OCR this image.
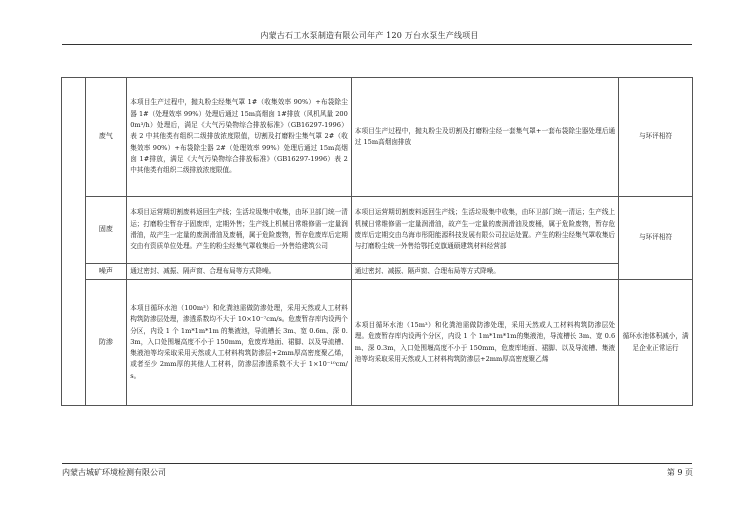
内蒙古石工水泵制造有限公司年产 120 万台水泵生产线项目
	废气	本项目生产过程中，抛丸粉尘经集气罩 1#（收集效率 90%）+布袋除尘器 1#（处理效率 99%）处理后通过 15m高烟囱 1#排放（风机风量 2000m³/h）处理后，满足《大气污染物综合排放标准》（GB16297-1996）表 2 中其他类有组织二级排放浓度限值，切割及打磨粉尘集气罩 2#（收集效率 90%）+布袋除尘器 2#（处理效率 99%）处理后通过 15m高烟囱 1#排放，满足《大气污染物综合排放标准》（GB16297-1996）表 2 中其他类有组织二级排放浓度限值。	本项目生产过程中，抛丸粉尘及切割及打磨粉尘经一套集气罩+一套布袋除尘器处理后通过 15m高烟囱排放	与环评相符
	固废	本项目运营期切割废料返回生产线；生活垃圾集中收集，由环卫部门统一清运；打磨粉尘暂存于固废库，定期外售；生产线上机械日常维修需一定量润滑油，故产生一定量的废润滑油及废桶，属于危险废物，暂存危废库后定期交由有资质单位处理。产生的粉尘经集气罩收集后一外售给建筑公司	本项目运营期切割废料返回生产线；生活垃圾集中收集，由环卫部门统一清运；生产线上机械日常维修需一定量润滑油，故产生一定量的废润滑油及废桶，属于危险废物，暂存危废库后定期交由乌海市彤阳能源科技发展有限公司拉运处置。产生的粉尘经集气罩收集后与打磨粉尘统一外售给鄂托克旗通硕建筑材料经营部	与环评相符
	噪声	通过密封、减振、隔声窗、合理布局等方式降噪。	通过密封、减振、隔声窗、合理布局等方式降噪。	
	防渗	本项目循环水池（100m³）和化粪池需做防渗处理，采用天然或人工材料构筑防渗层处理，渗透系数均不大于 10×10⁻⁷cm/s。危废暂存库内设两个分区，内设 1 个 1m*1m*1m 的集液池，导流槽长 3m、宽 0.6m、深 0.3m，入口处围堰高度不小于 150mm，危废库地面、裙脚、以及导流槽、集液池等均采取采用天然或人工材料构筑防渗层+2mm厚高密度聚乙烯，或者至少 2mm厚的其他人工材料，防渗层渗透系数不大于 1×10⁻¹⁰cm/s。	本项目循环水池（15m³）和化粪池需做防渗处理，采用天然或人工材料构筑防渗层处理。危废暂存库内设两个分区，内设 1 个 1m*1m*1m的集液池，导流槽长 3m、宽 0.6m、深 0.3m，入口处围堰高度不小于 150mm，危废库地面、裙脚、以及导流槽、集液池等均采取采用天然或人工材料构筑防渗层+2mm厚高密度聚乙烯	循环水池体积减小，满足企业正常运行
内蒙古城矿环境检测有限公司	第 9 页
